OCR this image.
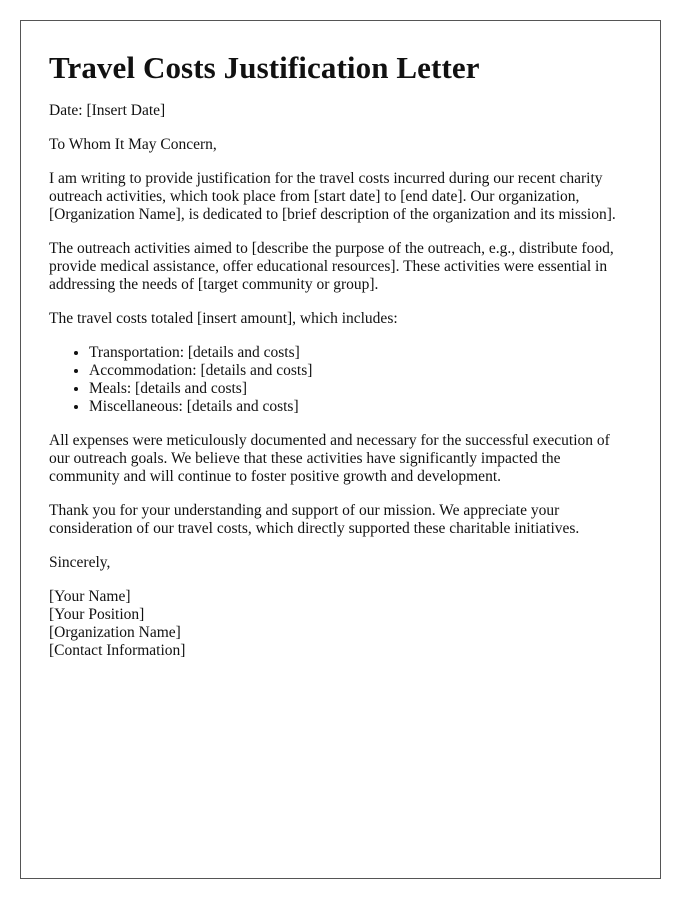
Travel Costs Justification Letter

Date: [Insert Date]

To Whom It May Concern,

I am writing to provide justification for the travel costs incurred during our recent charity outreach activities, which took place from [start date] to [end date]. Our organization, [Organization Name], is dedicated to [brief description of the organization and its mission].

The outreach activities aimed to [describe the purpose of the outreach, e.g., distribute food, provide medical assistance, offer educational resources]. These activities were essential in addressing the needs of [target community or group].

The travel costs totaled [insert amount], which includes:

• Transportation: [details and costs]
• Accommodation: [details and costs]
• Meals: [details and costs]
• Miscellaneous: [details and costs]

All expenses were meticulously documented and necessary for the successful execution of our outreach goals. We believe that these activities have significantly impacted the community and will continue to foster positive growth and development.

Thank you for your understanding and support of our mission. We appreciate your consideration of our travel costs, which directly supported these charitable initiatives.

Sincerely,

[Your Name]
[Your Position]
[Organization Name]
[Contact Information]
